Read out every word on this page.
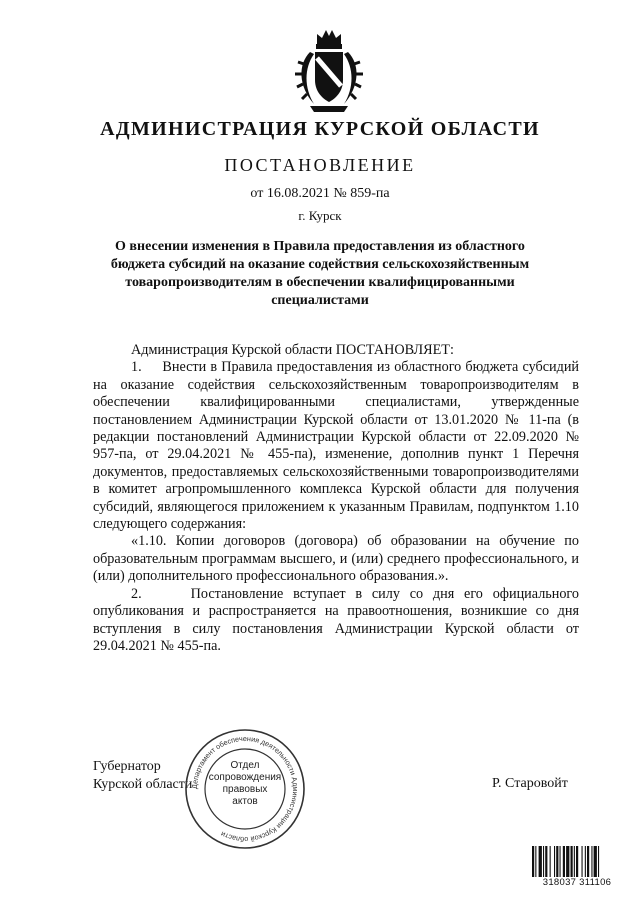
АДМИНИСТРАЦИЯ КУРСКОЙ ОБЛАСТИ
ПОСТАНОВЛЕНИЕ
от 16.08.2021 № 859-па
г. Курск
О внесении изменения в Правила предоставления из областного бюджета субсидий на оказание содействия сельскохозяйственным товаропроизводителям в обеспечении квалифицированными специалистами

Администрация Курской области ПОСТАНОВЛЯЕТ:

1.     Внести в Правила предоставления из областного бюджета субсидий на оказание содействия сельскохозяйственным товаропроизводителям в обеспечении квалифицированными специалистами, утвержденные постановлением Администрации Курской области от 13.01.2020 № 11-па (в редакции постановлений Администрации Курской области от 22.09.2020 № 957-па, от 29.04.2021 № 455-па), изменение, дополнив пункт 1 Перечня документов, предоставляемых сельскохозяйственными товаропроизводителями в комитет агропромышленного комплекса Курской области для получения субсидий, являющегося приложением к указанным Правилам, подпунктом 1.10 следующего содержания:

«1.10. Копии договоров (договора) об образовании на обучение по образовательным программам высшего, и (или) среднего профессионального, и (или) дополнительного профессионального образования.».

2.     Постановление вступает в силу со дня его официального опубликования и распространяется на правоотношения, возникшие со дня вступления в силу постановления Администрации Курской области от 29.04.2021 № 455-па.

Губернатор
Курской области	Р. Старовойт
Департамент обеспечения деятельности Администрации Курской области
Отдел
сопровождения
правовых
актов
318037 311106
